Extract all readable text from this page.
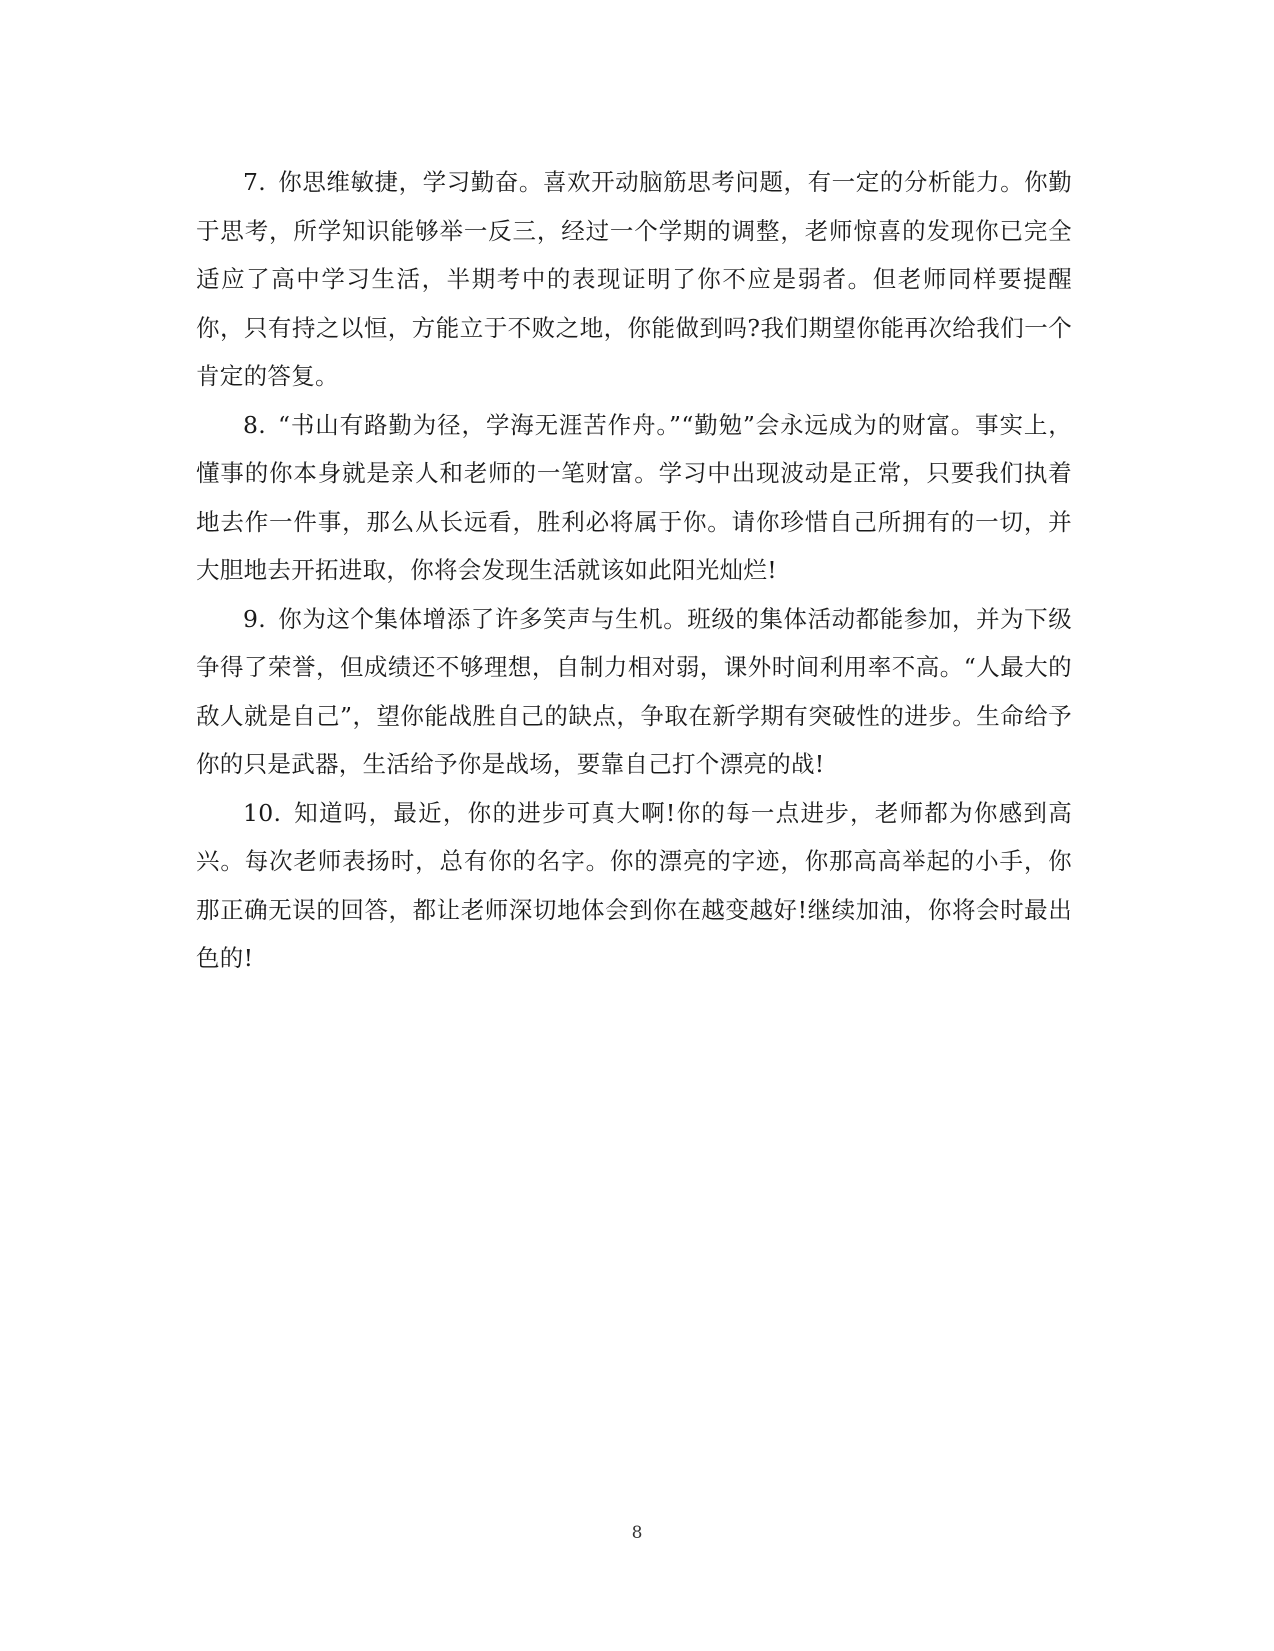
7. 你思维敏捷，学习勤奋。喜欢开动脑筋思考问题，有一定的分析能力。你勤于思考，所学知识能够举一反三，经过一个学期的调整，老师惊喜的发现你已完全适应了高中学习生活，半期考中的表现证明了你不应是弱者。但老师同样要提醒你，只有持之以恒，方能立于不败之地，你能做到吗?我们期望你能再次给我们一个肯定的答复。

8. “书山有路勤为径，学海无涯苦作舟。”“勤勉”会永远成为的财富。事实上，懂事的你本身就是亲人和老师的一笔财富。学习中出现波动是正常，只要我们执着地去作一件事，那么从长远看，胜利必将属于你。请你珍惜自己所拥有的一切，并大胆地去开拓进取，你将会发现生活就该如此阳光灿烂!

9. 你为这个集体增添了许多笑声与生机。班级的集体活动都能参加，并为下级争得了荣誉，但成绩还不够理想，自制力相对弱，课外时间利用率不高。“人最大的敌人就是自己”，望你能战胜自己的缺点，争取在新学期有突破性的进步。生命给予你的只是武器，生活给予你是战场，要靠自己打个漂亮的战!

10. 知道吗，最近，你的进步可真大啊!你的每一点进步，老师都为你感到高兴。每次老师表扬时，总有你的名字。你的漂亮的字迹，你那高高举起的小手，你那正确无误的回答，都让老师深切地体会到你在越变越好!继续加油，你将会时最出色的!

8
